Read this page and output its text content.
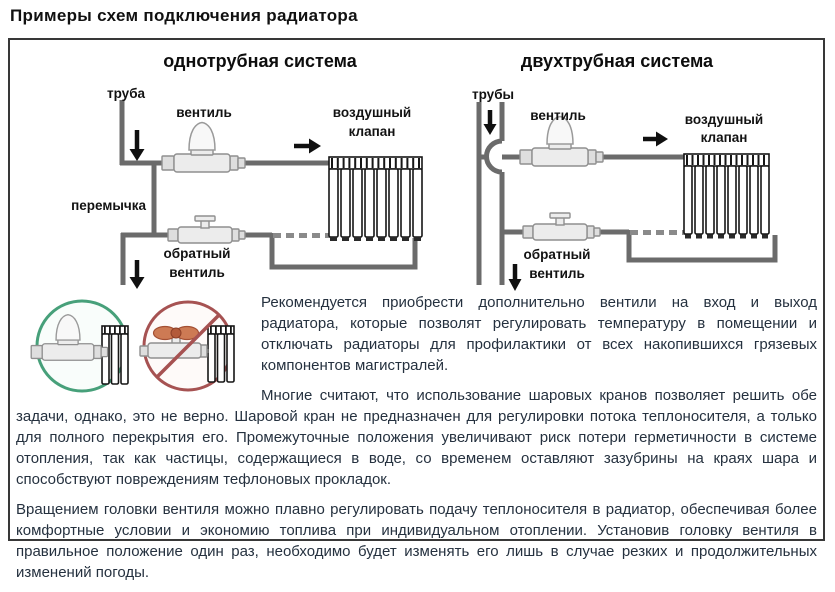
Примеры схем подключения радиатора
однотрубная система
труба
вентиль	воздушный
клапан
перемычка
обратный
вентиль
двухтрубная система
трубы
вентиль	воздушный
клапан
обратный
вентиль

Рекомендуется приобрести дополнительно вентили на вход и выход радиатора, которые позволят регулировать температуру в помещении и отключать радиаторы для профилактики от всех накопившихся грязевых компонентов магистралей.

Многие считают, что использование шаровых кранов позволяет решить обе задачи, однако, это не верно. Шаровой кран не предназначен для регулировки потока теплоносителя, а только для полного перекрытия его. Промежуточные положения увеличивают риск потери герметичности в системе отопления, так как частицы, содержащиеся в воде, со временем оставляют зазубрины на краях шара и способствуют повреждениям тефлоновых прокладок.

Вращением головки вентиля можно плавно регулировать подачу теплоносителя в радиатор, обеспечивая более комфортные условии и экономию топлива при индивидуальном отоплении. Установив головку вентиля в правильное положение один раз, необходимо будет изменять его лишь в случае резких и продолжительных изменений погоды.
